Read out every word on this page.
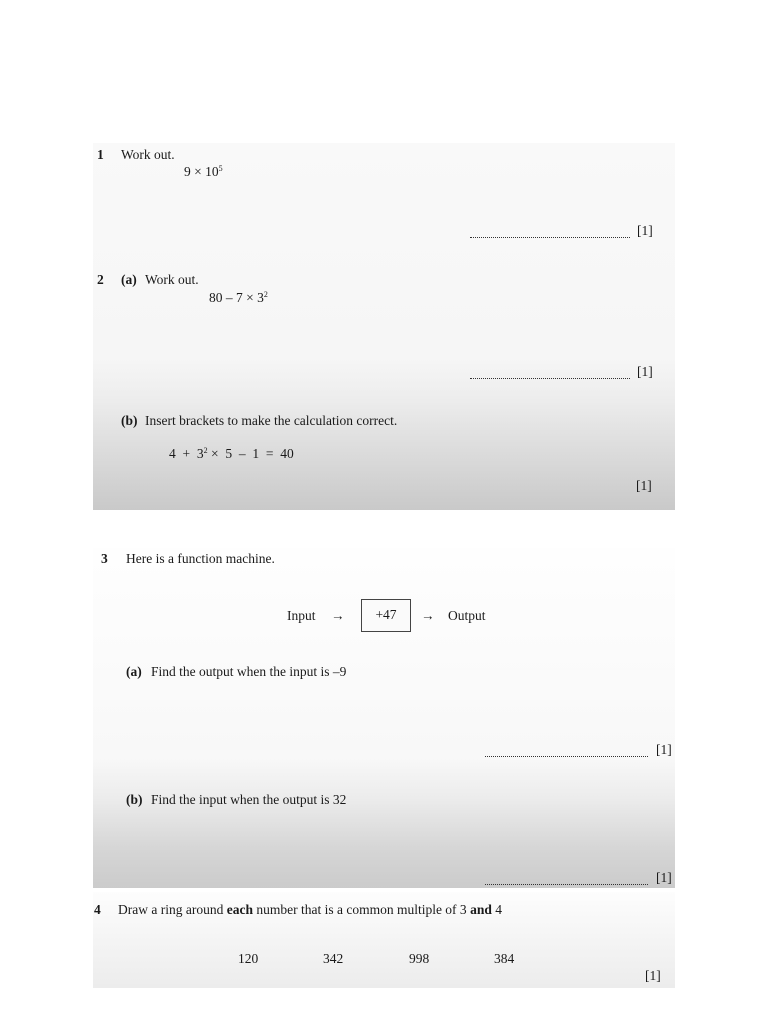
1 Work out.
$9 \times 10^5$
[1]
2 (a) Work out.
$80 - 7 \times 3^2$
[1]
(b) Insert brackets to make the calculation correct.
$4 + 3^2 \times 5 - 1 = 40$
[1]
3 Here is a function machine.
Input →	+47	→ Output
(a) Find the output when the input is –9
[1]
(b) Find the input when the output is 32
[1]
4 Draw a ring around each number that is a common multiple of 3 and 4
120	342	998	384
[1]
